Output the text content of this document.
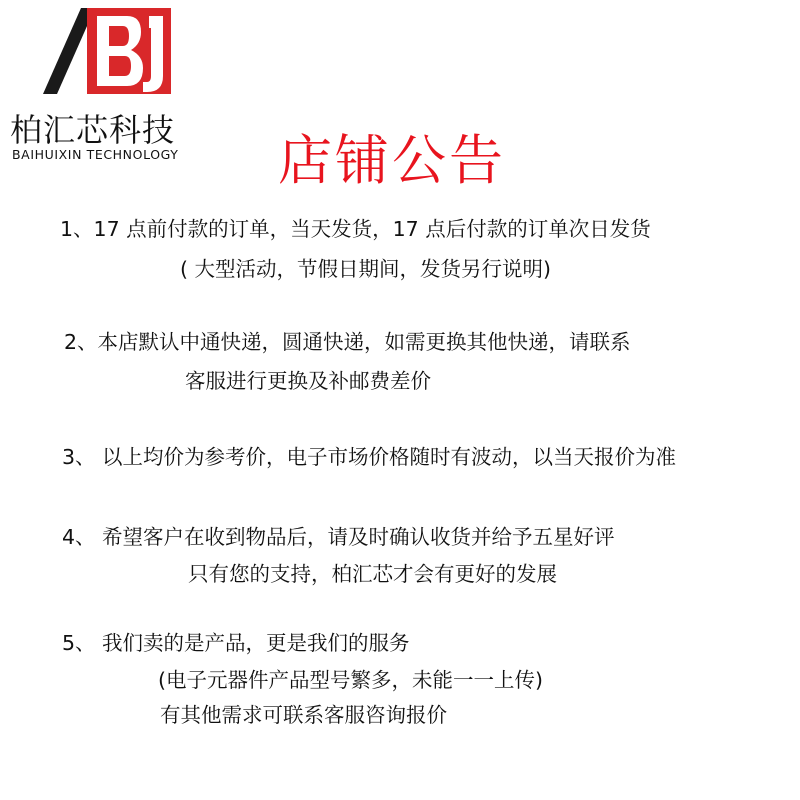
柏汇芯科技
BAIHUIXIN TECHNOLOGY 店铺公告
1、17 点前付款的订单，当天发货，17 点后付款的订单次日发货
( 大型活动，节假日期间，发货另行说明)
2、本店默认中通快递，圆通快递，如需更换其他快递，请联系
客服进行更换及补邮费差价
3、 以上均价为参考价，电子市场价格随时有波动，以当天报价为准
4、 希望客户在收到物品后，请及时确认收货并给予五星好评
只有您的支持，柏汇芯才会有更好的发展
5、 我们卖的是产品，更是我们的服务
(电子元器件产品型号繁多，未能一一上传)
有其他需求可联系客服咨询报价
